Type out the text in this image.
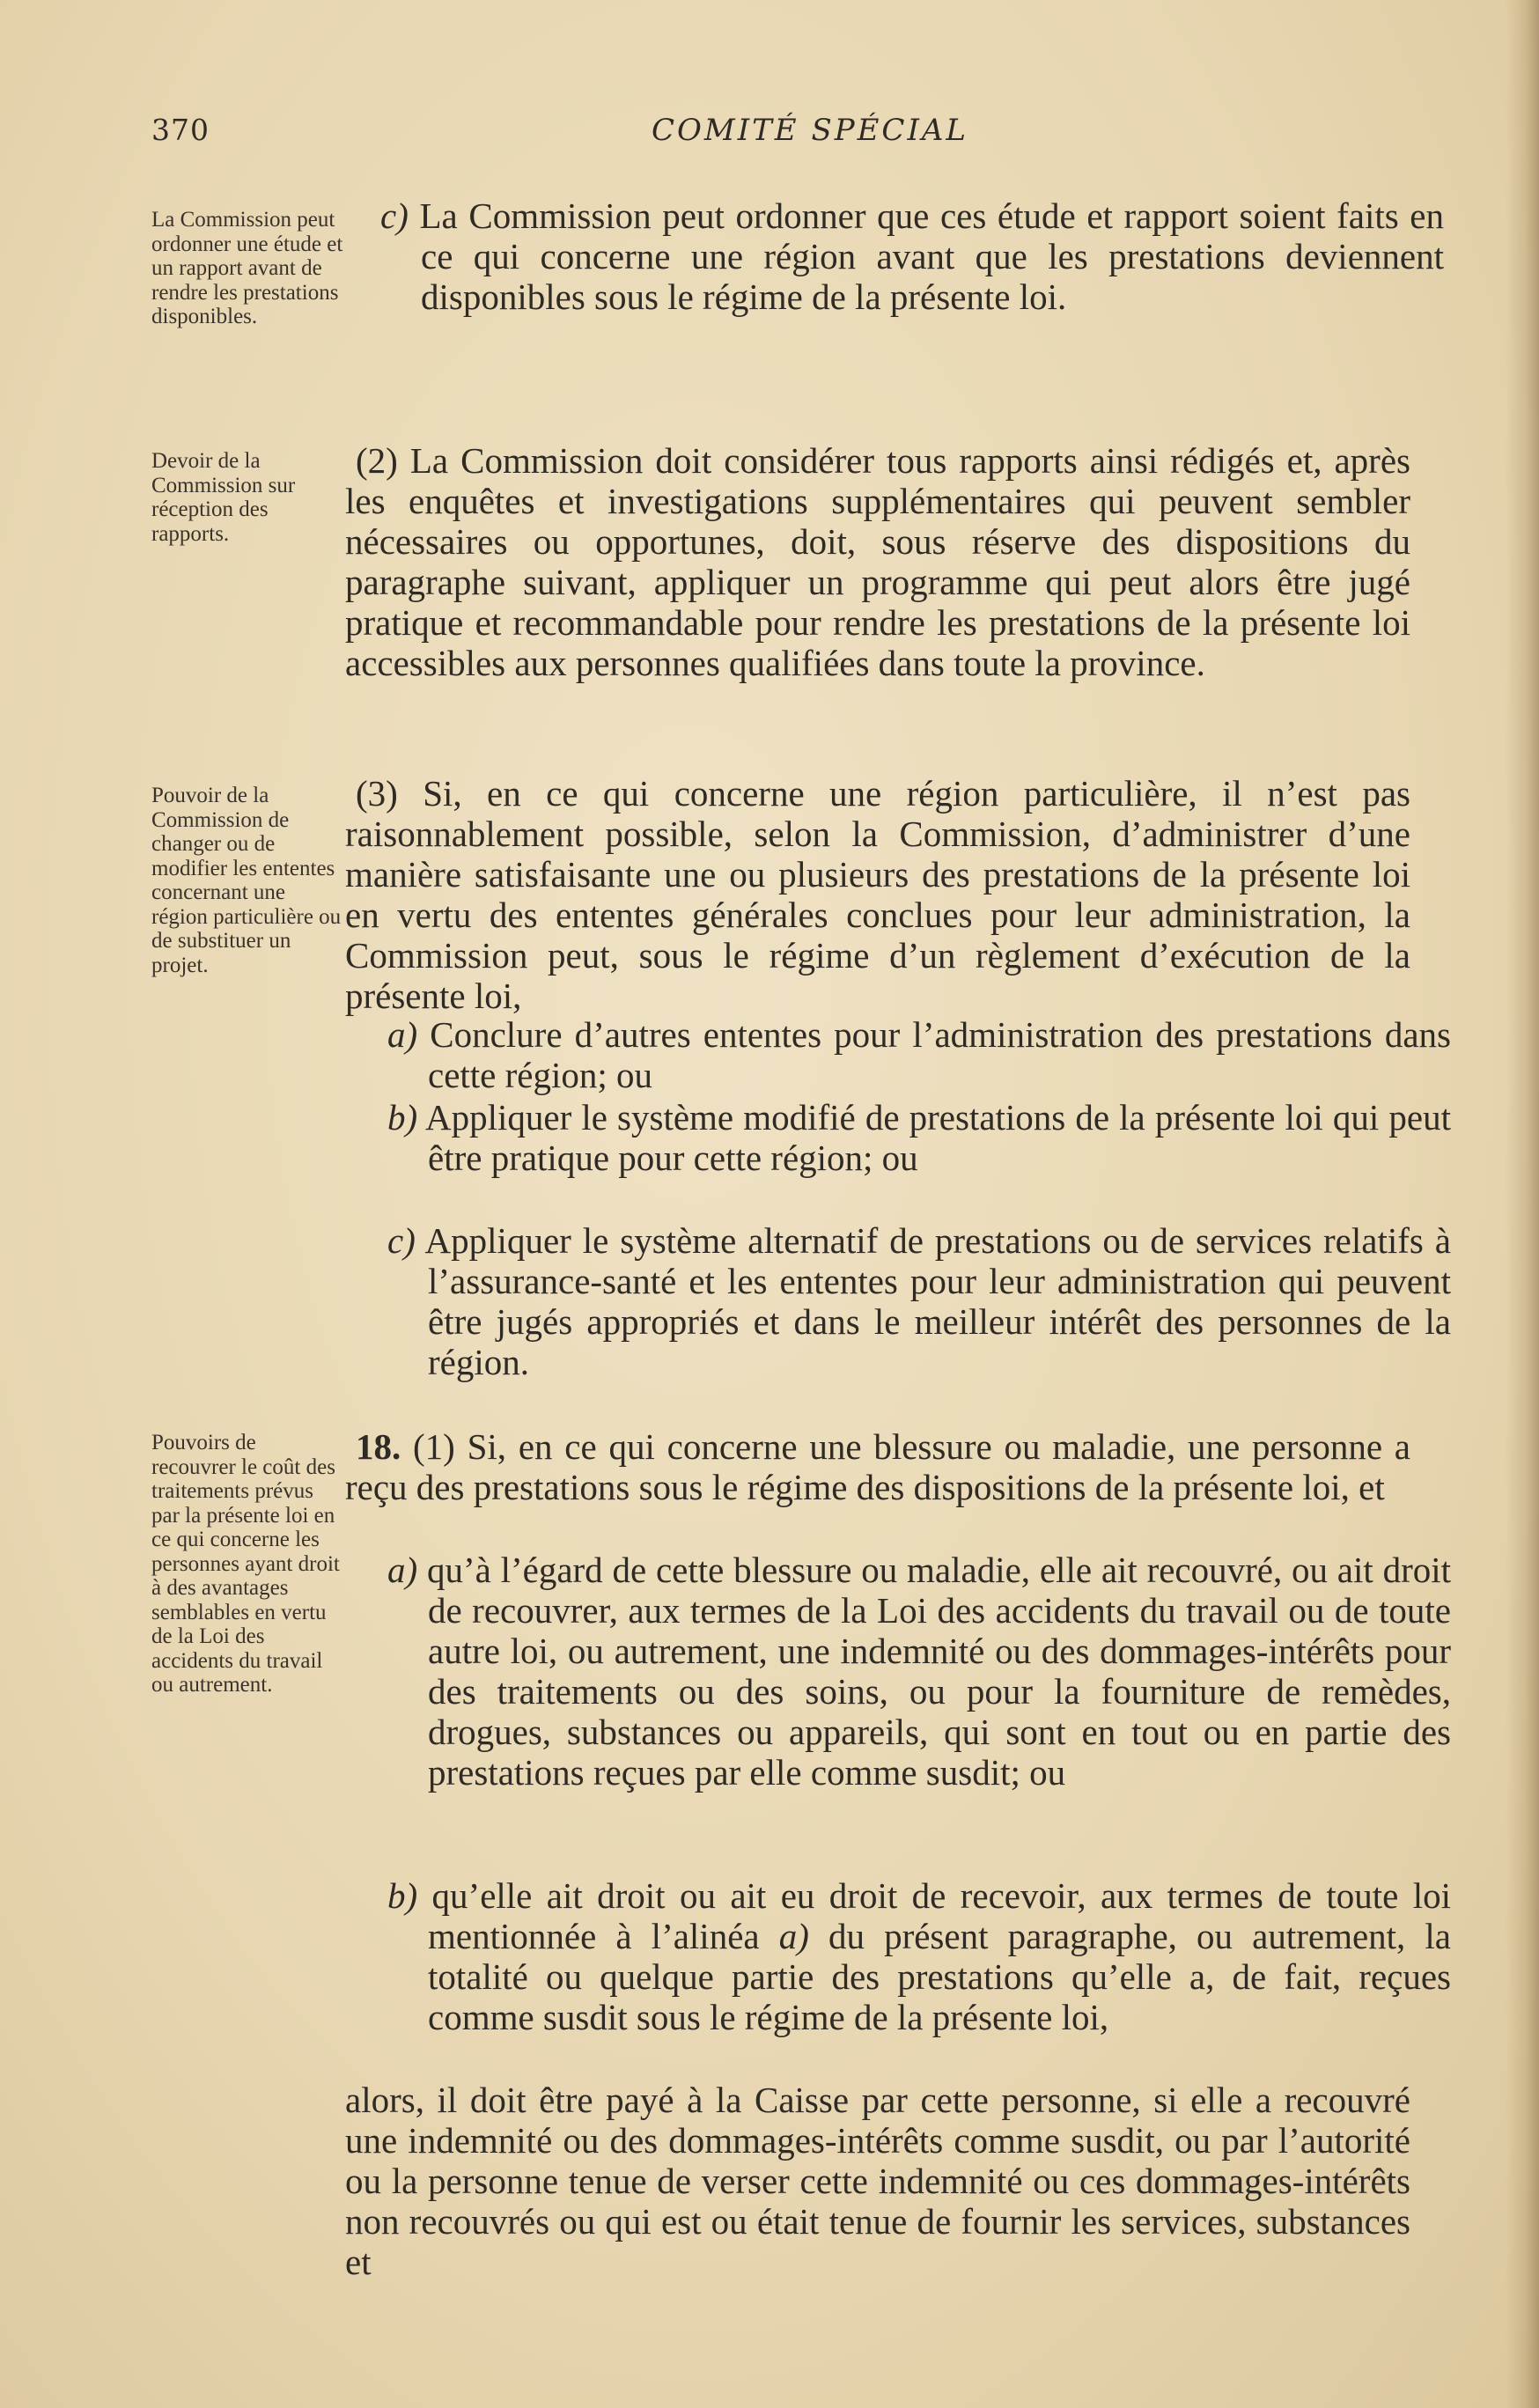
370	COMITÉ SPÉCIAL
La Commission peut ordonner une étude et un rapport avant de rendre les prestations disponibles.
Devoir de la Commission sur réception des rapports.
Pouvoir de la Commission de changer ou de modifier les ententes concernant une région particulière ou de substituer un projet.
Pouvoirs de recouvrer le coût des traitements prévus par la présente loi en ce qui concerne les personnes ayant droit à des avantages semblables en vertu de la Loi des accidents du travail ou autrement.
c) La Commission peut ordonner que ces étude et rapport soient faits en ce qui concerne une région avant que les prestations deviennent disponibles sous le régime de la présente loi.
(2) La Commission doit considérer tous rapports ainsi rédigés et, après les enquêtes et investigations supplémentaires qui peuvent sembler nécessaires ou opportunes, doit, sous réserve des dispositions du paragraphe suivant, appliquer un programme qui peut alors être jugé pratique et recommandable pour rendre les prestations de la présente loi accessibles aux personnes qualifiées dans toute la province.
(3) Si, en ce qui concerne une région particulière, il n’est pas raisonnablement possible, selon la Commission, d’administrer d’une manière satisfaisante une ou plusieurs des prestations de la présente loi en vertu des ententes générales conclues pour leur administration, la Commission peut, sous le régime d’un règlement d’exécution de la présente loi,
a) Conclure d’autres ententes pour l’administration des prestations dans cette région; ou
b) Appliquer le système modifié de prestations de la présente loi qui peut être pratique pour cette région; ou
c) Appliquer le système alternatif de prestations ou de services relatifs à l’assurance-santé et les ententes pour leur administration qui peuvent être jugés appropriés et dans le meilleur intérêt des personnes de la région.
18. (1) Si, en ce qui concerne une blessure ou maladie, une personne a reçu des prestations sous le régime des dispositions de la présente loi, et
a) qu’à l’égard de cette blessure ou maladie, elle ait recouvré, ou ait droit de recouvrer, aux termes de la Loi des accidents du travail ou de toute autre loi, ou autrement, une indemnité ou des dommages-intérêts pour des traitements ou des soins, ou pour la fourniture de remèdes, drogues, substances ou appareils, qui sont en tout ou en partie des prestations reçues par elle comme susdit; ou
b) qu’elle ait droit ou ait eu droit de recevoir, aux termes de toute loi mentionnée à l’alinéa a) du présent paragraphe, ou autrement, la totalité ou quelque partie des prestations qu’elle a, de fait, reçues comme susdit sous le régime de la présente loi,
alors, il doit être payé à la Caisse par cette personne, si elle a recouvré une indemnité ou des dommages-intérêts comme susdit, ou par l’autorité ou la personne tenue de verser cette indemnité ou ces dommages-intérêts non recouvrés ou qui est ou était tenue de fournir les services, substances et
